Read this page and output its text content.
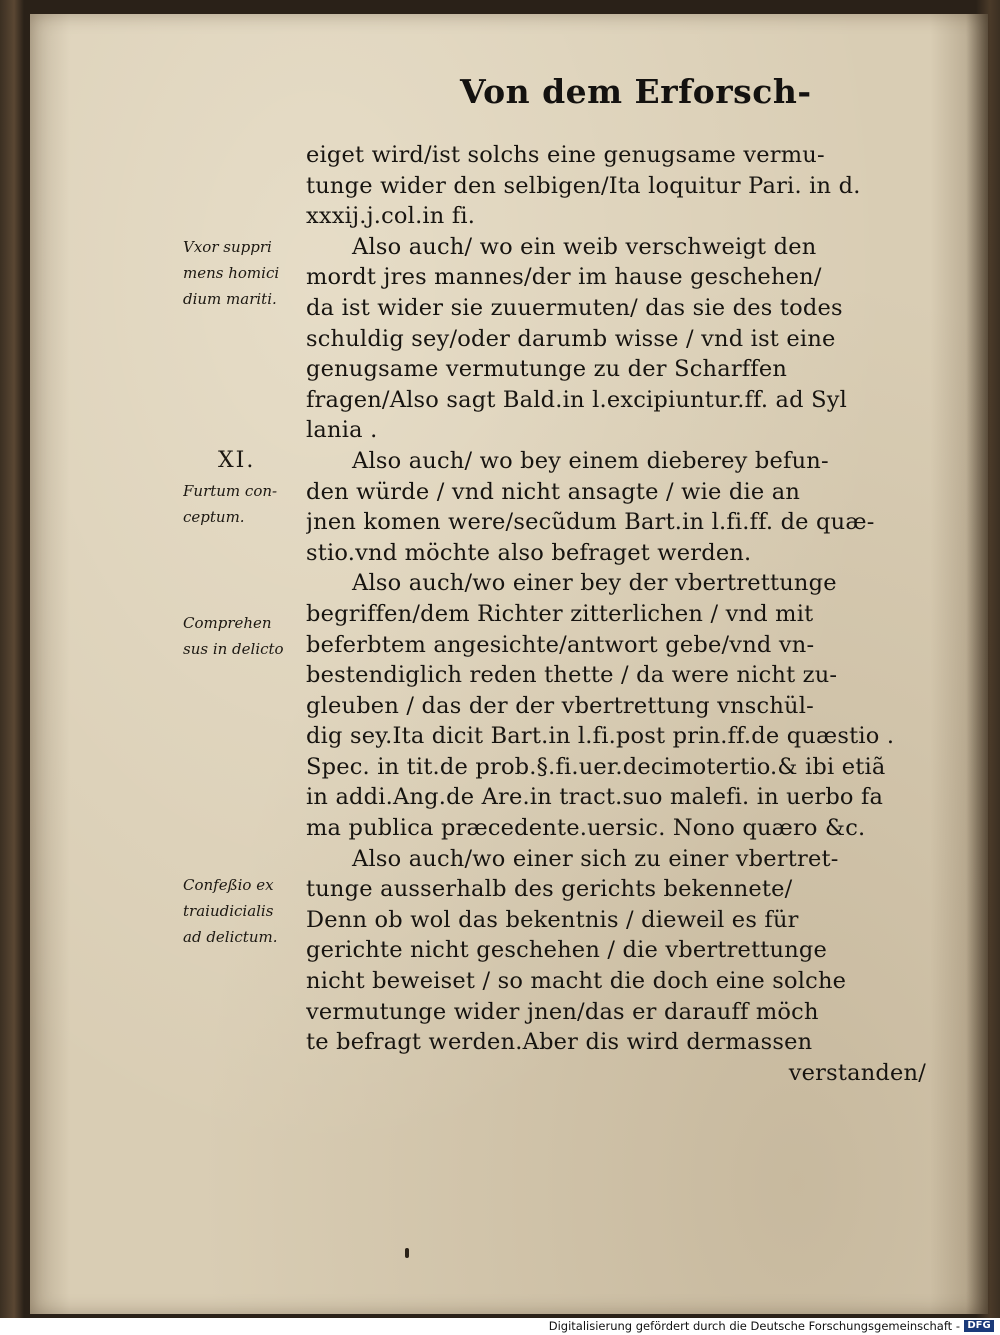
Von dem Erforsch-
eiget wird/ist solchs eine genugsame vermu-
tunge wider den selbigen/Ita loquitur Pari. in d.
xxxij.j.col.in fi.
Also auch/ wo ein weib verschweigt den
mordt jres mannes/der im hause geschehen/
da ist wider sie zuuermuten/ das sie des todes
schuldig sey/oder darumb wisse / vnd ist eine
genugsame vermutunge zu der Scharffen
fragen/Also sagt Bald.in l.excipiuntur.ff. ad Syl
lania .
Also auch/ wo bey einem dieberey befun-
den würde / vnd nicht ansagte / wie die an
jnen komen were/secũdum Bart.in l.fi.ff. de quæ-
stio.vnd möchte also befraget werden.
Also auch/wo einer bey der vbertrettunge
begriffen/dem Richter zitterlichen / vnd mit
beferbtem angesichte/antwort gebe/vnd vn-
bestendiglich reden thette / da were nicht zu-
gleuben / das der der vbertrettung vnschül-
dig sey.Ita dicit Bart.in l.fi.post prin.ff.de quæstio .
Spec. in tit.de prob.§.fi.uer.decimotertio.& ibi etiã
in addi.Ang.de Are.in tract.suo malefi. in uerbo fa
ma publica præcedente.uersic. Nono quæro &c.
Also auch/wo einer sich zu einer vbertret-
tunge ausserhalb des gerichts bekennete/
Denn ob wol das bekentnis / dieweil es für
gerichte nicht geschehen / die vbertrettunge
nicht beweiset / so macht die doch eine solche
vermutunge wider jnen/das er darauff möch
te befragt werden.Aber dis wird dermassen
verstanden/
Vxor suppri
mens homici
dium mariti.
XI.
Furtum con-
ceptum.
Comprehen
sus in delicto
Confeßio ex
traiudicialis
ad delictum.
Digitalisierung gefördert durch die Deutsche Forschungsgemeinschaft - DFG
